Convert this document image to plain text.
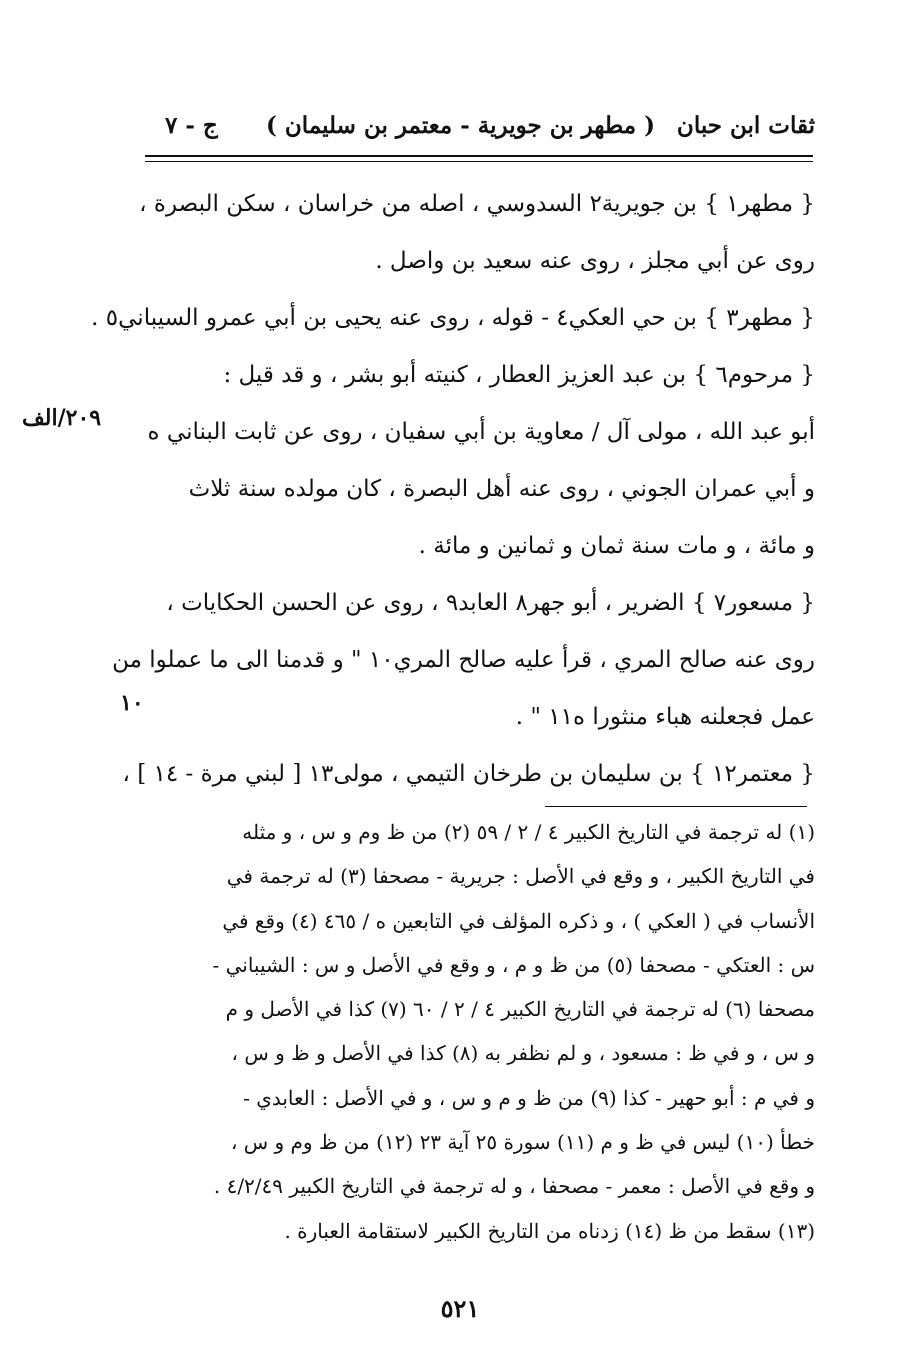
ثقات ابن حبان
( مطهر بن جويرية - معتمر بن سليمان )
ج - ٧
{ مطهر١ } بن جويرية٢ السدوسي ، اصله من خراسان ، سكن البصرة ،
روى عن أبي مجلز ، روى عنه سعيد بن واصل .
{ مطهر٣ } بن حي العكي٤ - قوله ، روى عنه يحيى بن أبي عمرو السيباني٥ .
{ مرحوم٦ } بن عبد العزيز العطار ، كنيته أبو بشر ، و قد قيل :
أبو عبد الله ، مولى آل / معاوية بن أبي سفيان ، روى عن ثابت البناني ه
و أبي عمران الجوني ، روى عنه أهل البصرة ، كان مولده سنة ثلاث
و مائة ، و مات سنة ثمان و ثمانين و مائة .
{ مسعور٧ } الضرير ، أبو جهر٨ العابد٩ ، روى عن الحسن الحكايات ،
روى عنه صالح المري ، قرأ عليه صالح المري١٠ " و قدمنا الى ما عملوا من
عمل فجعلنه هباء منثورا ه١١ " .
{ معتمر١٢ } بن سليمان بن طرخان التيمي ، مولى١٣ [ لبني مرة - ١٤ ] ،
٢٠٩/الف
١٠
(١) له ترجمة في التاريخ الكبير ٤ / ٢ / ٥٩ (٢) من ظ وم و س ، و مثله
في التاريخ الكبير ، و وقع في الأصل : جريرية - مصحفا (٣) له ترجمة في
الأنساب في ( العكي ) ، و ذكره المؤلف في التابعين ه / ٤٦٥ (٤) وقع في
س : العتكي - مصحفا (٥) من ظ و م ، و وقع في الأصل و س : الشيباني -
مصحفا (٦) له ترجمة في التاريخ الكبير ٤ / ٢ / ٦٠ (٧) كذا في الأصل و م
و س ، و في ظ : مسعود ، و لم نظفر به (٨) كذا في الأصل و ظ و س ،
و في م : أبو حهير - كذا (٩) من ظ و م و س ، و في الأصل : العابدي -
خطأ (١٠) ليس في ظ و م (١١) سورة ٢٥ آية ٢٣ (١٢) من ظ وم و س ،
و وقع في الأصل : معمر - مصحفا ، و له ترجمة في التاريخ الكبير ٤/٢/٤٩ .
(١٣) سقط من ظ (١٤) زدناه من التاريخ الكبير لاستقامة العبارة .
٥٢١
